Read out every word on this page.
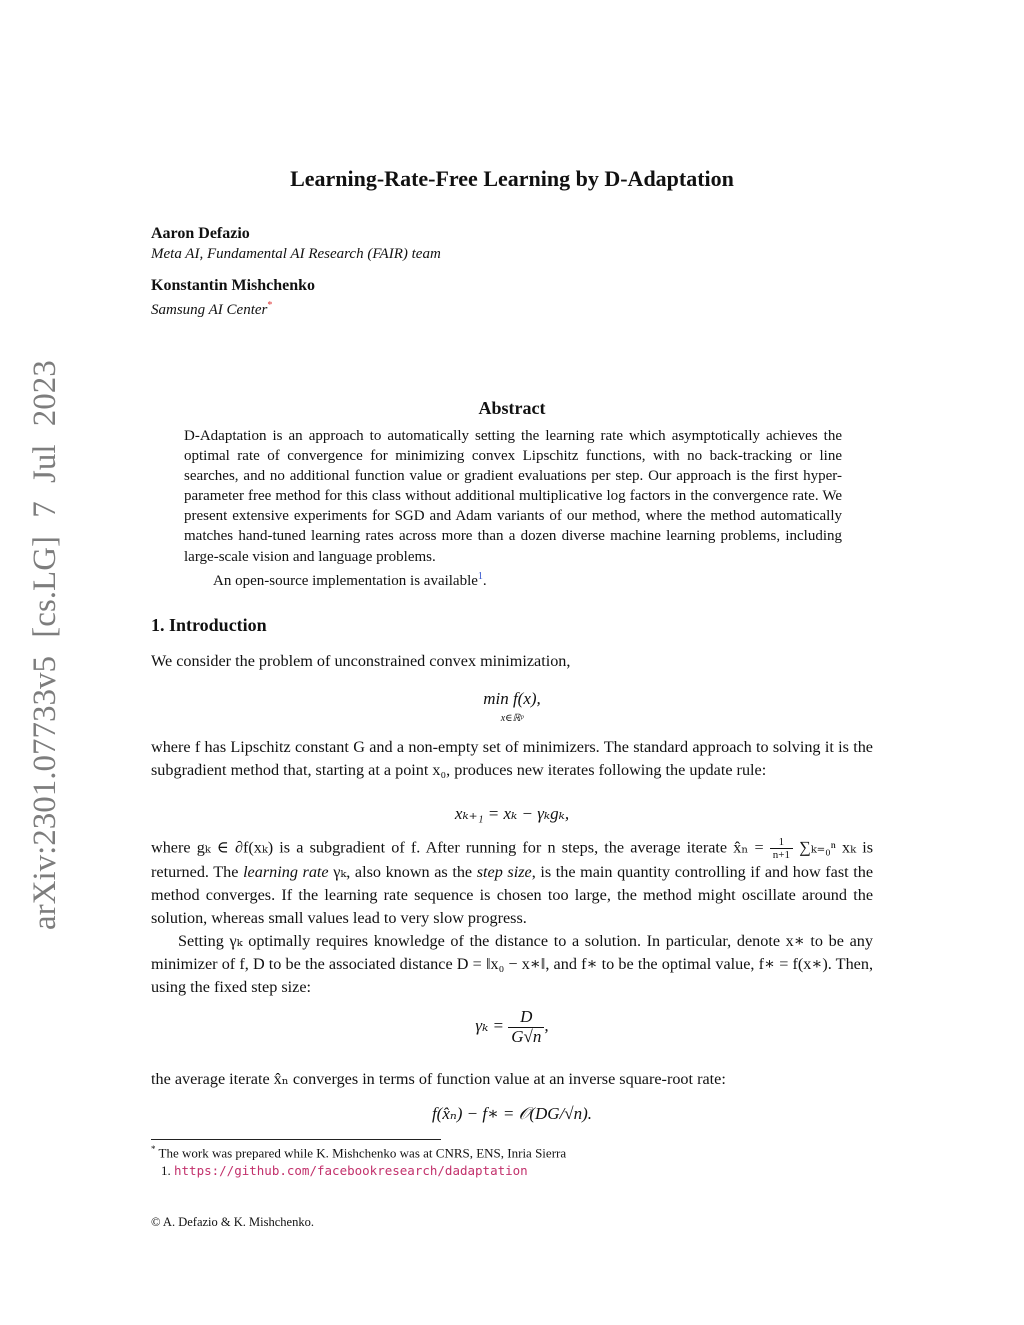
arXiv:2301.07733v5 [cs.LG] 7 Jul 2023
Learning-Rate-Free Learning by D-Adaptation
Aaron Defazio
Meta AI, Fundamental AI Research (FAIR) team
Konstantin Mishchenko
Samsung AI Center*
Abstract

D-Adaptation is an approach to automatically setting the learning rate which asymptotically achieves the optimal rate of convergence for minimizing convex Lipschitz functions, with no back-tracking or line searches, and no additional function value or gradient evaluations per step. Our approach is the first hyper-parameter free method for this class without additional multiplicative log factors in the convergence rate. We present extensive experiments for SGD and Adam variants of our method, where the method automatically matches hand-tuned learning rates across more than a dozen diverse machine learning problems, including large-scale vision and language problems.

An open-source implementation is available$^1$.

1. Introduction

We consider the problem of unconstrained convex minimization,

min f(x),
x∈ℝᵖ

where f has Lipschitz constant G and a non-empty set of minimizers. The standard approach to solving it is the subgradient method that, starting at a point x₀, produces new iterates following the update rule:

xₖ₊₁ = xₖ − γₖgₖ,

where gₖ ∈ ∂f(xₖ) is a subgradient of f. After running for n steps, the average iterate x̂ₙ = $\frac{1}{n+1} \sum_{k=0}^n$ xₖ is returned. The learning rate γₖ, also known as the step size, is the main quantity controlling if and how fast the method converges. If the learning rate sequence is chosen too large, the method might oscillate around the solution, whereas small values lead to very slow progress.

Setting γₖ optimally requires knowledge of the distance to a solution. In particular, denote x∗ to be any minimizer of f, D to be the associated distance D = ‖x₀ − x∗‖, and f∗ to be the optimal value, f∗ = f(x∗). Then, using the fixed step size:

$\gamma_k = \frac{D}{G√n}$ ,

the average iterate x̂ₙ converges in terms of function value at an inverse square-root rate:

f(x̂ₙ) − f∗ = 𝒪(DG/√n).
* The work was prepared while K. Mishchenko was at CNRS, ENS, Inria Sierra
1. https://github.com/facebookresearch/dadaptation
© A. Defazio & K. Mishchenko.
